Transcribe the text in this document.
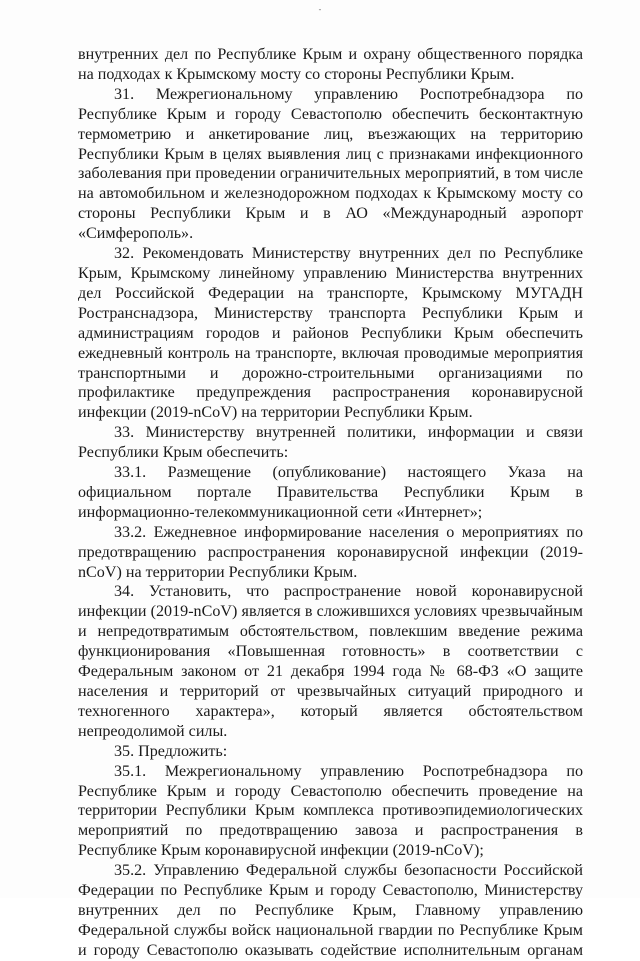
-

внутренних дел по Республике Крым и охрану общественного порядка на подходах к Крымскому мосту со стороны Республики Крым.

31. Межрегиональному управлению Роспотребнадзора по Республике Крым и городу Севастополю обеспечить бесконтактную термометрию и анкетирование лиц, въезжающих на территорию Республики Крым в целях выявления лиц с признаками инфекционного заболевания при проведении ограничительных мероприятий, в том числе на автомобильном и железнодорожном подходах к Крымскому мосту со стороны Республики Крым и в АО «Международный аэропорт «Симферополь».

32. Рекомендовать Министерству внутренних дел по Республике Крым, Крымскому линейному управлению Министерства внутренних дел Российской Федерации на транспорте, Крымскому МУГАДН Ространснадзора, Министерству транспорта Республики Крым и администрациям городов и районов Республики Крым обеспечить ежедневный контроль на транспорте, включая проводимые мероприятия транспортными и дорожно-строительными организациями по профилактике предупреждения распространения коронавирусной инфекции (2019-nCoV) на территории Республики Крым.

33. Министерству внутренней политики, информации и связи Республики Крым обеспечить:

33.1. Размещение (опубликование) настоящего Указа на официальном портале Правительства Республики Крым в информационно-телекоммуникационной сети «Интернет»;

33.2. Ежедневное информирование населения о мероприятиях по предотвращению распространения коронавирусной инфекции (2019-nCoV) на территории Республики Крым.

34. Установить, что распространение новой коронавирусной инфекции (2019-nCoV) является в сложившихся условиях чрезвычайным и непредотвратимым обстоятельством, повлекшим введение режима функционирования «Повышенная готовность» в соответствии с Федеральным законом от 21 декабря 1994 года № 68-ФЗ «О защите населения и территорий от чрезвычайных ситуаций природного и техногенного характера», который является обстоятельством непреодолимой силы.

35. Предложить:

35.1. Межрегиональному управлению Роспотребнадзора по Республике Крым и городу Севастополю обеспечить проведение на территории Республики Крым комплекса противоэпидемиологических мероприятий по предотвращению завоза и распространения в Республике Крым коронавирусной инфекции (2019-nCoV);

35.2. Управлению Федеральной службы безопасности Российской Федерации по Республике Крым и городу Севастополю, Министерству внутренних дел по Республике Крым, Главному управлению Федеральной службы войск национальной гвардии по Республике Крым и городу Севастополю оказывать содействие исполнительным органам
